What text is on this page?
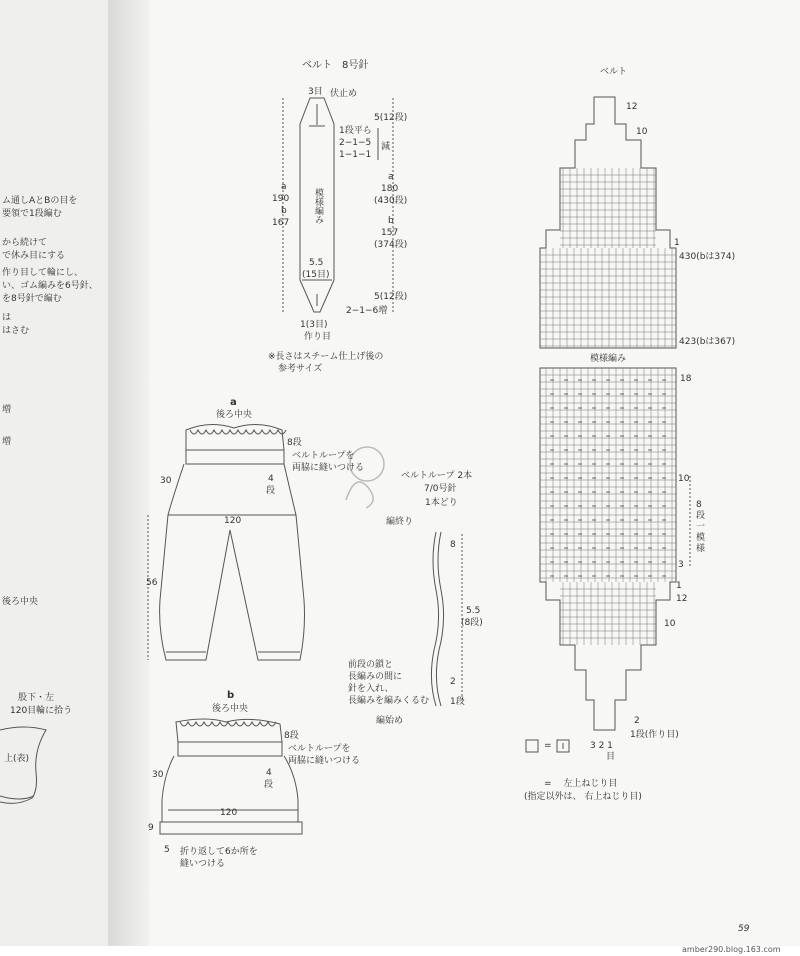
ム通しAとBの目を
要領で1段編む
から続けて
で休み目にする
作り目して輪にし、
い、ゴム編みを6号針、
を8号針で編む
は
はさむ
増
増
後ろ中央
股下・左
120目輪に拾う
上(表)
ベルト　8号針
3目 伏止め
5(12段)
1段平ら
2−1−5
1−1−1
減
a
190
b
167
a
180
(430段)
b
157
(374段)
模様編み
5.5
(15目)
5(12段)
2−1−6増
1(3目)
作り目
※長さはスチーム仕上げ後の
参考サイズ
a
後ろ中央
8段
ベルトループを
両脇に縫いつける
4
段
30
120
56
b
後ろ中央
8段
ベルトループを
両脇に縫いつける
4
段
30
120
9
5 折り返して6か所を
縫いつける
ベルトループ 2本
7/0号針
1本どり
編終り
8
5.5
(8段)
前段の鎖と
長編みの間に
針を入れ、
長編みを編みくるむ
2
1段
編始め
ベルト
12
10
1
430(bは374)
423(bは367)
模様編み
18
10
8
段
一
模
様
3
1
12
10
2
1段(作り目)
3 2 1
目
=
= 　左上ねじり目
(指定以外は、 右上ねじり目)
59
amber290.blog.163.com
